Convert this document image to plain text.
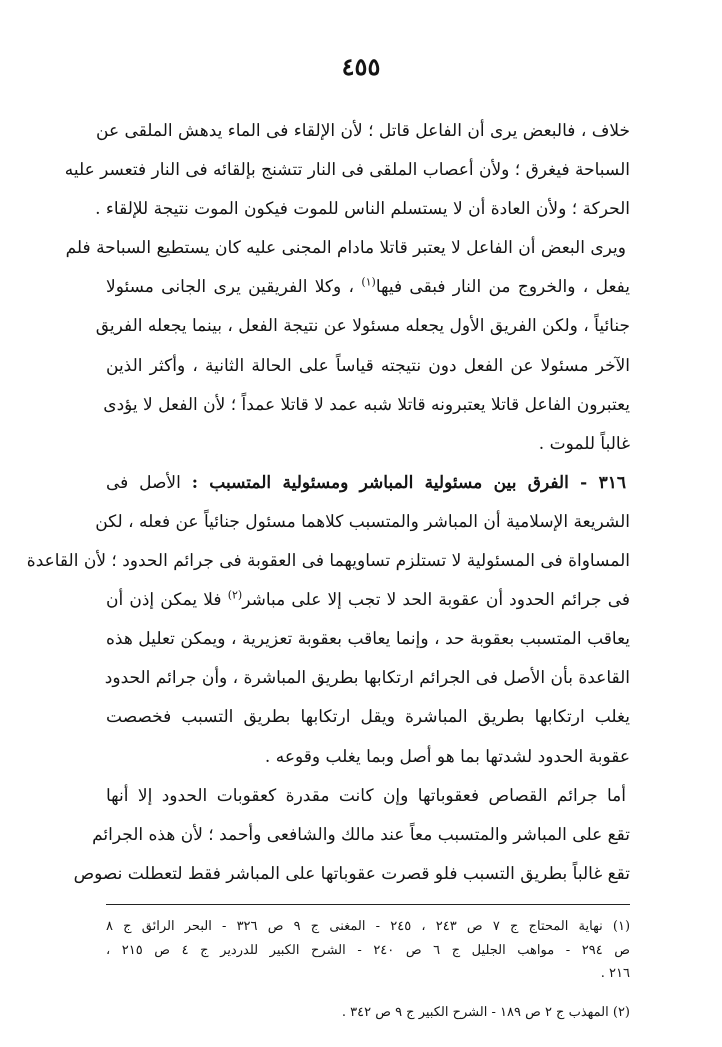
٤٥٥
خلاف ، فالبعض يرى أن الفاعل قاتل ؛ لأن الإلقاء فى الماء يدهش الملقى عن
السباحة فيغرق ؛ ولأن أعصاب الملقى فى النار تتشنج بإلقائه فى النار فتعسر عليه
الحركة ؛ ولأن العادة أن لا يستسلم الناس للموت فيكون الموت نتيجة للإلقاء .
ويرى البعض أن الفاعل لا يعتبر قاتلا مادام المجنى عليه كان يستطيع السباحة فلم
يفعل ، والخروج من النار فبقى فيها$^{(١)}$ ، وكلا الفريقين يرى الجانى مسئولا
جنائياً ، ولكن الفريق الأول يجعله مسئولا عن نتيجة الفعل ، بينما يجعله الفريق
الآخر مسئولا عن الفعل دون نتيجته قياساً على الحالة الثانية ، وأكثر الذين
يعتبرون الفاعل قاتلا يعتبرونه قاتلا شبه عمد لا قاتلا عمداً ؛ لأن الفعل لا يؤدى
غالباً للموت .
٣١٦ - الفرق بين مسئولية المباشر ومسئولية المتسبب : الأصل فى
الشريعة الإسلامية أن المباشر والمتسبب كلاهما مسئول جنائياً عن فعله ، لكن
المساواة فى المسئولية لا تستلزم تساويهما فى العقوبة فى جرائم الحدود ؛ لأن القاعدة
فى جرائم الحدود أن عقوبة الحد لا تجب إلا على مباشر$^{(٢)}$ فلا يمكن إذن أن
يعاقب المتسبب بعقوبة حد ، وإنما يعاقب بعقوبة تعزيرية ، ويمكن تعليل هذه
القاعدة بأن الأصل فى الجرائم ارتكابها بطريق المباشرة ، وأن جرائم الحدود
يغلب ارتكابها بطريق المباشرة ويقل ارتكابها بطريق التسبب فخصصت
عقوبة الحدود لشدتها بما هو أصل وبما يغلب وقوعه .
أما جرائم القصاص فعقوباتها وإن كانت مقدرة كعقوبات الحدود إلا أنها
تقع على المباشر والمتسبب معاً عند مالك والشافعى وأحمد ؛ لأن هذه الجرائم
تقع غالباً بطريق التسبب فلو قصرت عقوباتها على المباشر فقط لتعطلت نصوص
(١) نهاية المحتاج ج ٧ ص ٢٤٣ ، ٢٤٥ - المغنى ج ٩ ص ٣٢٦ - البحر الرائق ج ٨
ص ٢٩٤ - مواهب الجليل ج ٦ ص ٢٤٠ - الشرح الكبير للدردير ج ٤ ص ٢١٥ ،
٢١٦ .
(٢) المهذب ج ٢ ص ١٨٩ - الشرح الكبير ج ٩ ص ٣٤٢ .
